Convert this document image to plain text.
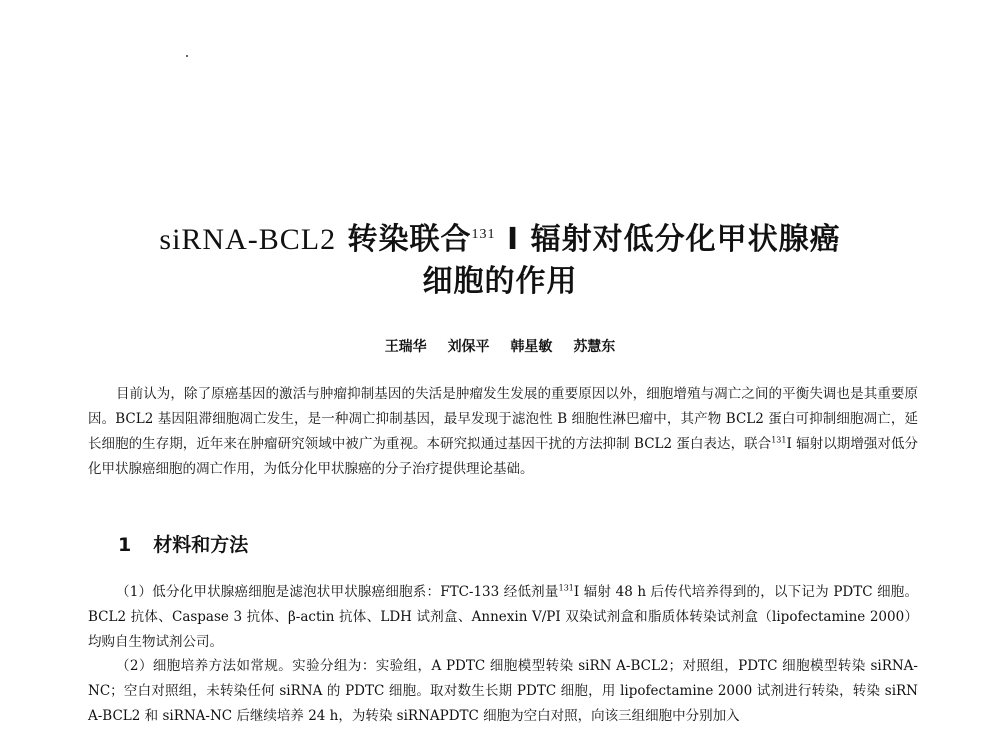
siRNA-BCL2 转染联合$^{131}$ I 辐射对低分化甲状腺癌
细胞的作用
王瑞华 刘保平 韩星敏 苏慧东
目前认为，除了原癌基因的激活与肿瘤抑制基因的失活是肿瘤发生发展的重要原因以外，细胞增殖与凋亡之间的平衡失调也是其重要原因。BCL2 基因阻滞细胞凋亡发生，是一种凋亡抑制基因，最早发现于滤泡性 B 细胞性淋巴瘤中，其产物 BCL2 蛋白可抑制细胞凋亡，延长细胞的生存期，近年来在肿瘤研究领域中被广为重视。本研究拟通过基因干扰的方法抑制 BCL2 蛋白表达，联合$^{131}$I 辐射以期增强对低分化甲状腺癌细胞的凋亡作用，为低分化甲状腺癌的分子治疗提供理论基础。
1 材料和方法
（1）低分化甲状腺癌细胞是滤泡状甲状腺癌细胞系：FTC-133 经低剂量$^{131}$I 辐射 48 h 后传代培养得到的，以下记为 PDTC 细胞。BCL2 抗体、Caspase 3 抗体、β-actin 抗体、LDH 试剂盒、Annexin V/PI 双染试剂盒和脂质体转染试剂盒（lipofectamine 2000）均购自生物试剂公司。
（2）细胞培养方法如常规。实验分组为：实验组，A PDTC 细胞模型转染 siRN A-BCL2；对照组，PDTC 细胞模型转染 siRNA- NC；空白对照组，未转染任何 siRNA 的 PDTC 细胞。取对数生长期 PDTC 细胞，用 lipofectamine 2000 试剂进行转染，转染 siRN A-BCL2 和 siRNA-NC 后继续培养 24 h，为转染 siRNAPDTC 细胞为空白对照，向该三组细胞中分别加入
